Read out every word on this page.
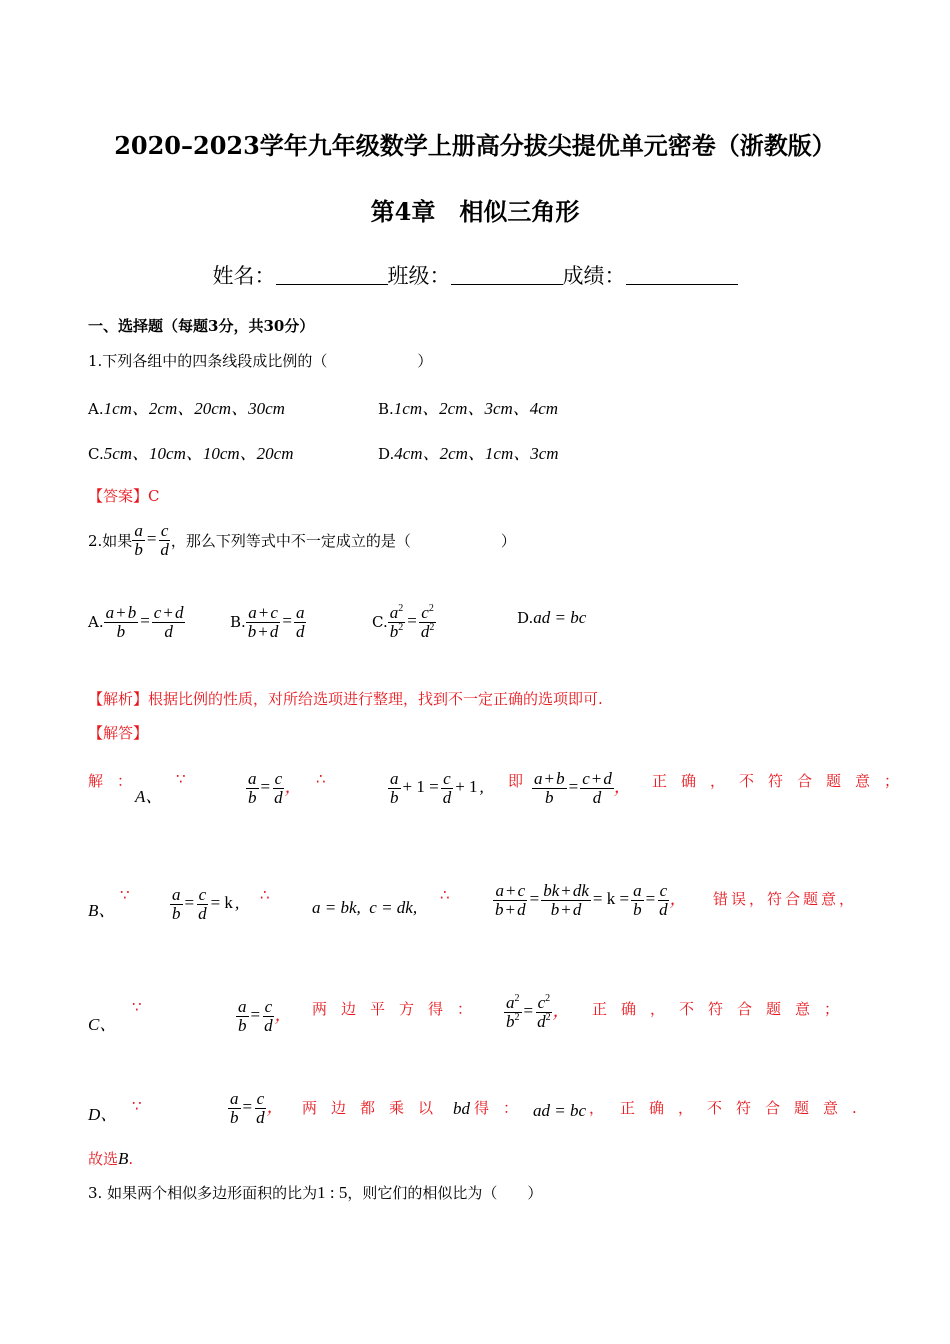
2020–2023学年九年级数学上册高分拔尖提优单元密卷（浙教版）
第4章　相似三角形
姓名：	班级：	成绩：
一、选择题（每题3分，共30分）
1.下列各组中的四条线段成比例的（　　　　　　）
A.1cm、2cm、20cm、30cm	B.1cm、2cm、3cm、4cm
C.5cm、10cm、10cm、20cm	D.4cm、2cm、1cm、3cm
【答案】C
2.如果 $\frac{a}{b} = \frac{c}{d}$ ，那么下列等式中不一定成立的是（　　　　　　）
A. $\frac{a + b}{b} = \frac{c + d}{d}$	B. $\frac{a + c}{b + d} = \frac{a}{d}$	C. $\frac{a^2}{b^2} = \frac{c^2}{d^2}$	D.ad = bc
【解析】根据比例的性质，对所给选项进行整理，找到不一定正确的选项即可.
【解答】
解：
A、
∵	$\frac{a}{b} = \frac{c}{d}$ ， ∴	$\frac{a}{b} + 1 = \frac{c}{d} + 1$ , 即 $\frac{a + b}{b} = \frac{c + d}{d}$ ， 正确，不符合题意；
B、
∵ $\frac{a}{b} = \frac{c}{d} = k$ , ∴
a = bk,  c = dk,
∴	$\frac{a + c}{b + d} = \frac{bk + dk}{b + d} = k = \frac{a}{b} = \frac{c}{d}$ ， 错误，符合题意，
C、
∵	$\frac{a}{b} = \frac{c}{d}$ ， 两边平方得： $\frac{a^2}{b^2} = \frac{c^2}{d^2}$ ， 正确，不符合题意；
D、 ∵	$\frac{a}{b} = \frac{c}{d}$ ， 两边都乘以 bd 得： ad = bc ， 正确，不符合题意.
故选B.
3. 如果两个相似多边形面积的比为1 : 5，则它们的相似比为（　　）
